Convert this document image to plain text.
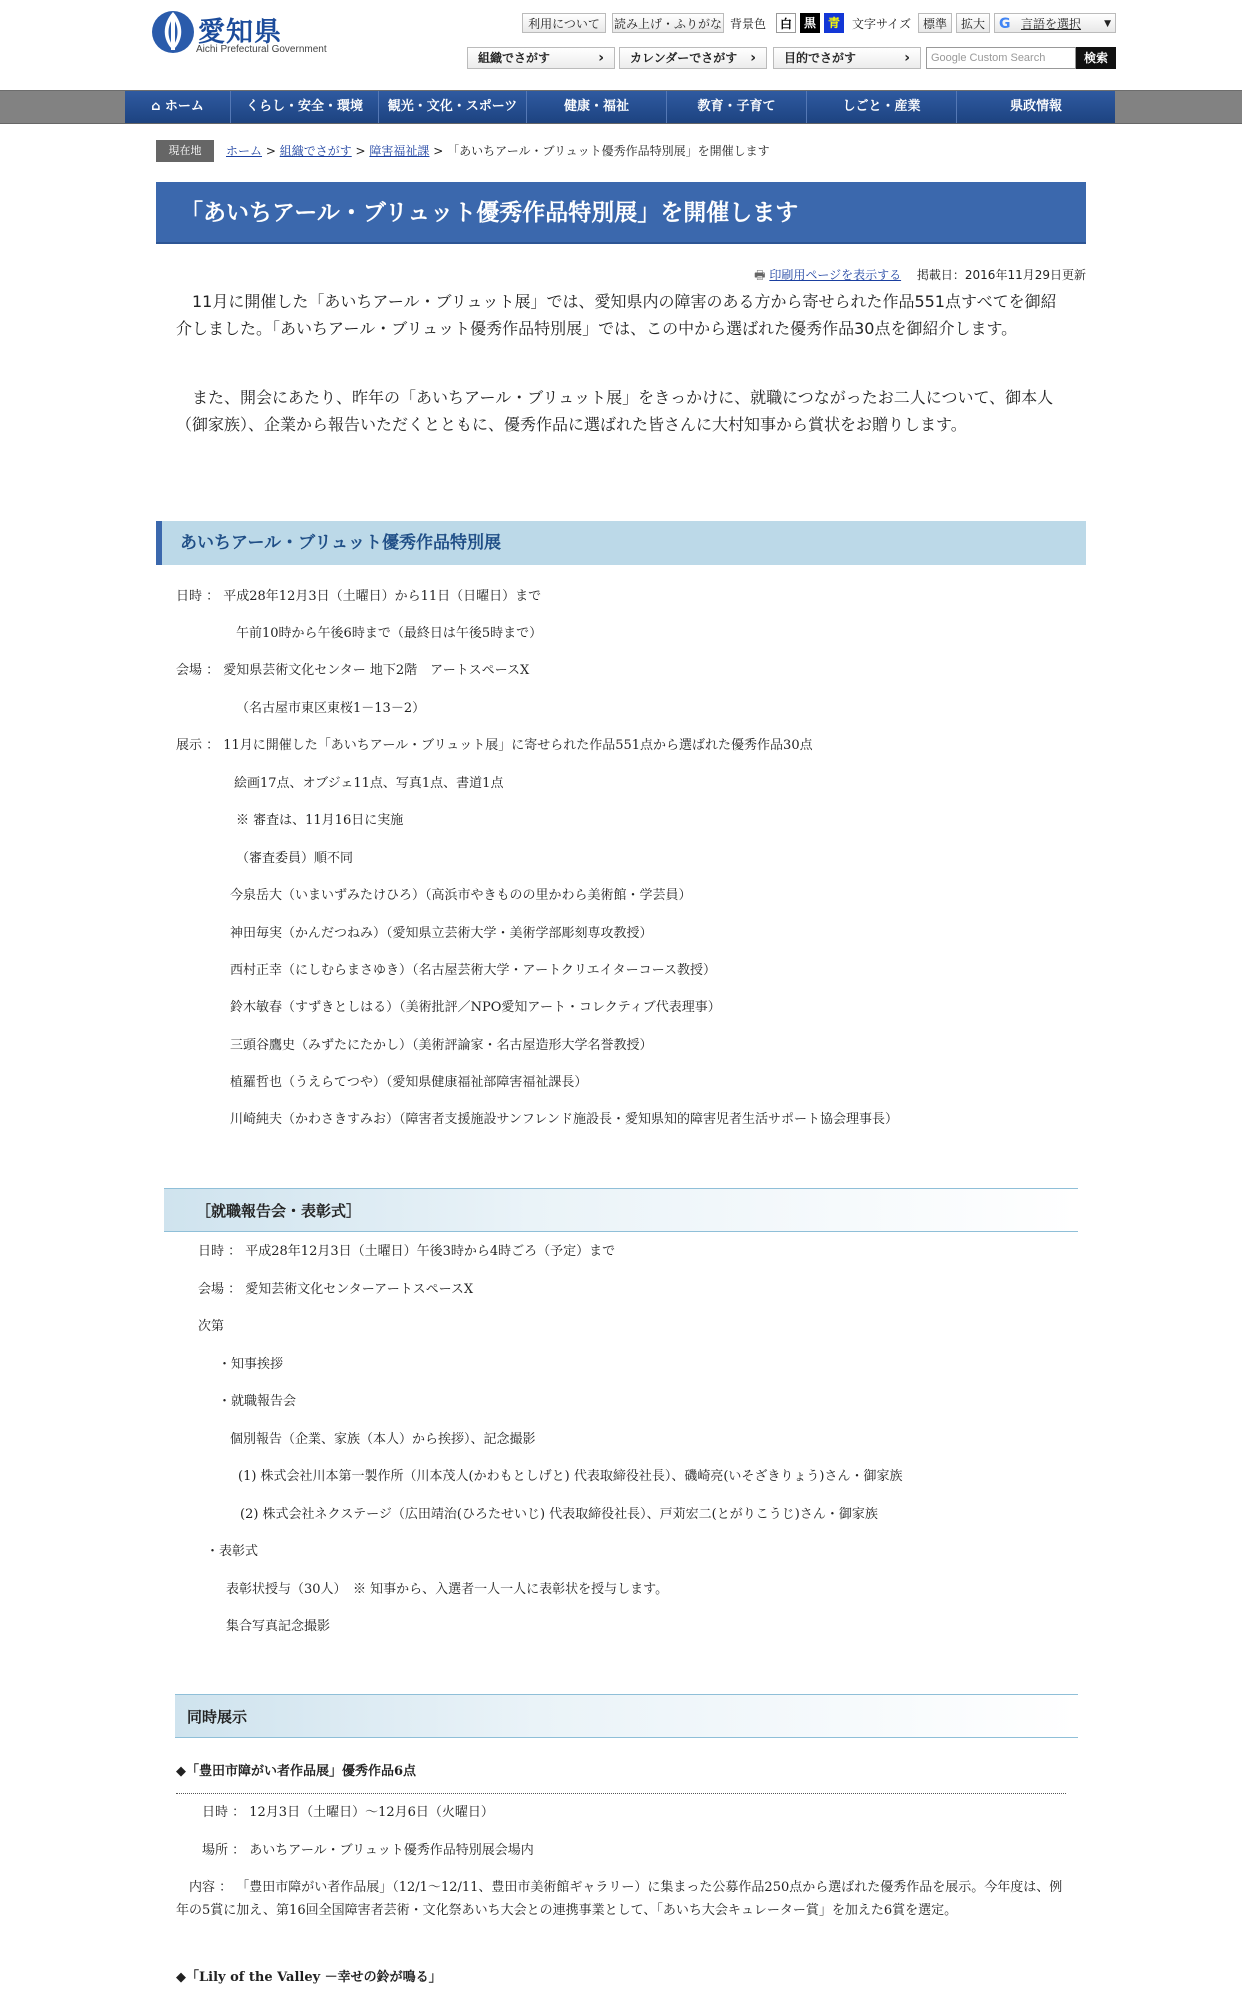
愛知県
Aichi Prefectural Government
利用について	読み上げ・ふりがな 背景色	白 黒 青	文字サイズ 標準	拡大	G 言語を選択	▼
組織でさがす	›	カレンダーでさがす ›	目的でさがす	›	Google Custom Search	検索
⌂ ホーム	くらし・安全・環境	観光・文化・スポーツ	健康・福祉	教育・子育て	しごと・産業	県政情報
現在地	ホーム > 組織でさがす > 障害福祉課 > 「あいちアール・ブリュット優秀作品特別展」を開催します
「あいちアール・ブリュット優秀作品特別展」を開催します
🖶 印刷用ページを表示する 掲載日：2016年11月29日更新
　11月に開催した「あいちアール・ブリュット展」では、愛知県内の障害のある方から寄せられた作品551点すべてを御紹介しました。「あいちアール・ブリュット優秀作品特別展」では、この中から選ばれた優秀作品30点を御紹介します。
　また、開会にあたり、昨年の「あいちアール・ブリュット展」をきっかけに、就職につながったお二人について、御本人（御家族）、企業から報告いただくとともに、優秀作品に選ばれた皆さんに大村知事から賞状をお贈りします。
あいちアール・ブリュット優秀作品特別展
日時 ： 平成28年12月3日（土曜日）から11日（日曜日）まで
午前10時から午後6時まで（最終日は午後5時まで）
会場 ： 愛知県芸術文化センター 地下2階　アートスペースX
（名古屋市東区東桜1－13－2）
展示 ： 11月に開催した「あいちアール・ブリュット展」に寄せられた作品551点から選ばれた優秀作品30点
絵画17点、オブジェ11点、写真1点、書道1点
※ 審査は、11月16日に実施
（審査委員）順不同
今泉岳大（いまいずみたけひろ）（高浜市やきものの里かわら美術館・学芸員）
神田毎実（かんだつねみ）（愛知県立芸術大学・美術学部彫刻専攻教授）
西村正幸（にしむらまさゆき）（名古屋芸術大学・アートクリエイターコース教授）
鈴木敏春（すずきとしはる）（美術批評／NPO愛知アート・コレクティブ代表理事）
三頭谷鷹史（みずたにたかし）（美術評論家・名古屋造形大学名誉教授）
植羅哲也（うえらてつや）（愛知県健康福祉部障害福祉課長）
川崎純夫（かわさきすみお）（障害者支援施設サンフレンド施設長・愛知県知的障害児者生活サポート協会理事長）
［就職報告会・表彰式］
日時 ： 平成28年12月3日（土曜日）午後3時から4時ごろ（予定）まで
会場 ： 愛知芸術文化センターアートスペースX
次第
・知事挨拶
・就職報告会
個別報告（企業、家族（本人）から挨拶）、記念撮影
(1) 株式会社川本第一製作所（川本茂人(かわもとしげと) 代表取締役社長）、磯崎亮(いそざきりょう)さん・御家族
(2) 株式会社ネクステージ（広田靖治(ひろたせいじ) 代表取締役社長）、戸苅宏二(とがりこうじ)さん・御家族
・表彰式
表彰状授与（30人）　※ 知事から、入選者一人一人に表彰状を授与します。
集合写真記念撮影
同時展示
◆「豊田市障がい者作品展」優秀作品6点
日時 ： 12月3日（土曜日）～12月6日（火曜日）
場所 ： あいちアール・ブリュット優秀作品特別展会場内
　内容 ： 「豊田市障がい者作品展」（12/1～12/11、豊田市美術館ギャラリー）に集まった公募作品250点から選ばれた優秀作品を展示。今年度は、例年の5賞に加え、第16回全国障害者芸術・文化祭あいち大会との連携事業として、「あいち大会キュレーター賞」を加えた6賞を選定。
◆「Lily of the Valley －幸せの鈴が鳴る」
